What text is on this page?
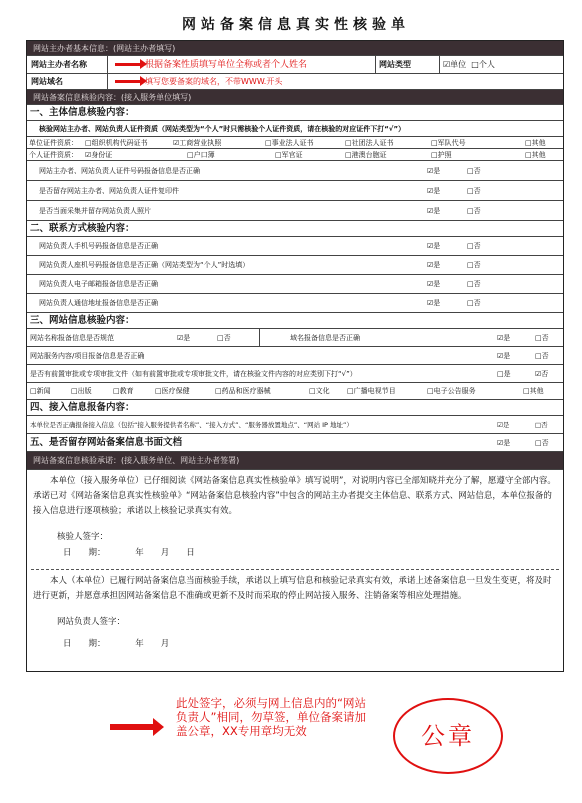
网站备案信息真实性核验单
网站主办者基本信息：(网站主办者填写)
网站主办者名称	根据备案性质填写单位全称或者个人姓名	网站类型	☑单位 □个人
网站域名	填写您要备案的域名，不带WWW.开头
网站备案信息核验内容：(接入服务单位填写)
一、主体信息核验内容：
核验网站主办者、网站负责人证件资质（网站类型为“个人”时只需核验个人证件资质，请在核验的对应证件下打“√”）
单位证件资质： □组织机构代码证书	☑工商营业执照	□事业法人证书	□社团法人证书	□军队代号	□其他
个人证件资质： ☑身份证	□户口簿	□军官证	□港澳台胞证	□护照	□其他
网站主办者、网站负责人证件号码报备信息是否正确	☑是	□否
是否留存网站主办者、网站负责人证件复印件	☑是	□否
是否当面采集并留存网站负责人照片	☑是	□否
二、联系方式核验内容：
网站负责人手机号码报备信息是否正确	☑是	□否
网站负责人座机号码报备信息是否正确（网站类型为“个人”时选填）	☑是	□否
网站负责人电子邮箱报备信息是否正确	☑是	□否
网站负责人通信地址报备信息是否正确	☑是	□否
三、网站信息核验内容：
网站名称报备信息是否规范	☑是	□否	域名报备信息是否正确	☑是	□否
网站服务内容/项目报备信息是否正确	☑是	□否
是否有前置审批或专项审批文件（如有前置审批或专项审批文件，请在核验文件内容的对应类别下打“√”）	□是	☑否
□新闻	□出版	□教育	□医疗保健	□药品和医疗器械	□文化 □广播电视节目	□电子公告服务	□其他
四、接入信息报备内容：
本单位是否正确报备接入信息（包括“接入服务提供者名称”、“接入方式”、“服务器放置地点”、“网站 IP 地址”）	☑是	□否
五、是否留存网站备案信息书面文档	☑是	□否
网站备案信息核验承诺：(接入服务单位、网站主办者签署)
本单位（接入服务单位）已仔细阅读《网站备案信息真实性核验单》填写说明”，对说明内容已全部知晓并充分了解，愿遵守全部内容。承诺已对《网站备案信息真实性核验单》“网站备案信息核验内容”中包含的网站主办者提交主体信息、联系方式、网站信息，本单位报备的接入信息进行逐项核验；承诺以上核验记录真实有效。
核验人签字：
日　　期：　　　　年　　月　　日
本人（本单位）已履行网站备案信息当面核验手续，承诺以上填写信息和核验记录真实有效，承诺上述备案信息一旦发生变更，将及时进行更新，并愿意承担因网站备案信息不准确或更新不及时而采取的停止网站接入服务、注销备案等相应处理措施。
网站负责人签字：
日　　期：　　　　年　　月
此处签字，必须与网上信息内的“网站负责人”相同，勿草签，单位备案请加盖公章，XX专用章均无效	公章
